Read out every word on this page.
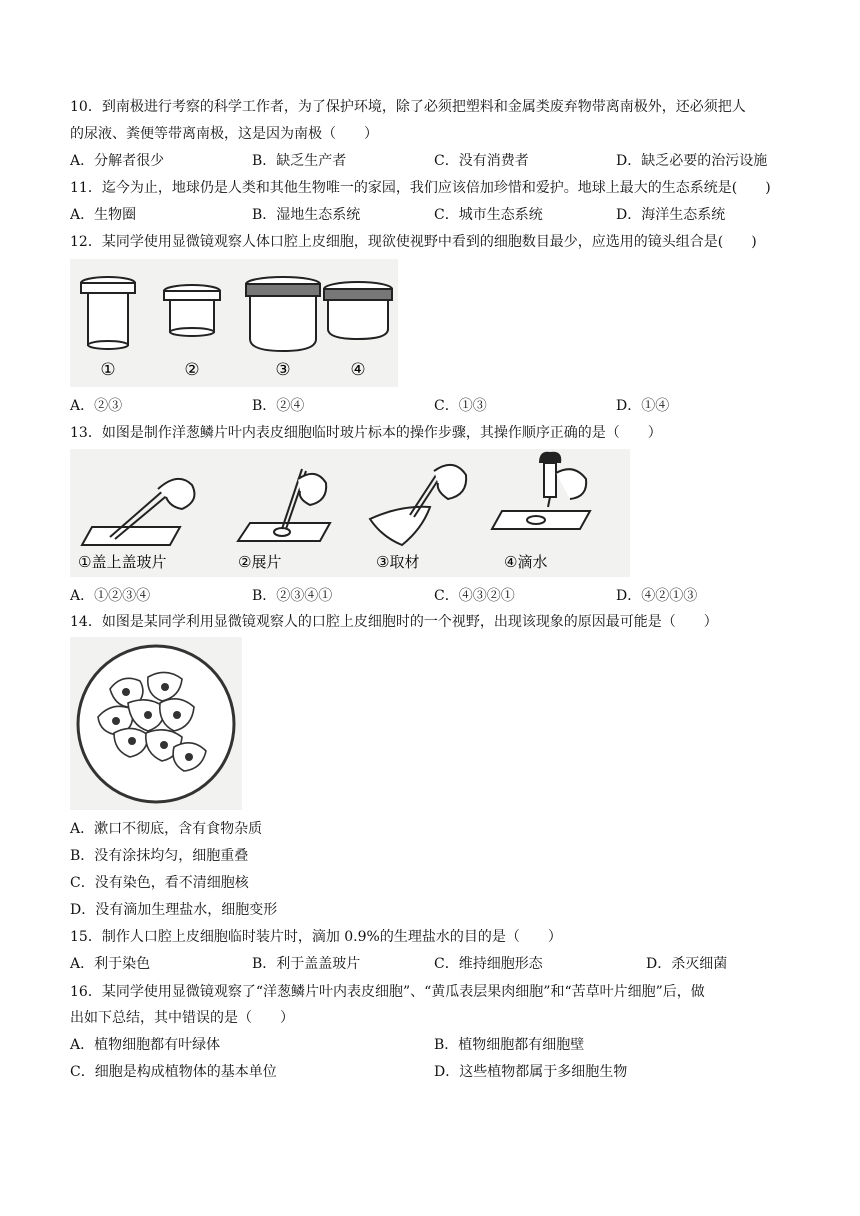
10．到南极进行考察的科学工作者，为了保护环境，除了必须把塑料和金属类废弃物带离南极外，还必须把人
的尿液、粪便等带离南极，这是因为南极（　　）
A．分解者很少	B．缺乏生产者	C．没有消费者	D．缺乏必要的治污设施
11．迄今为止，地球仍是人类和其他生物唯一的家园，我们应该倍加珍惜和爱护。地球上最大的生态系统是(　　)
A．生物圈	B．湿地生态系统	C．城市生态系统	D．海洋生态系统
12．某同学使用显微镜观察人体口腔上皮细胞，现欲使视野中看到的细胞数目最少，应选用的镜头组合是(　　)
①	②	③	④
A．②③	B．②④	C．①③	D．①④
13．如图是制作洋葱鳞片叶内表皮细胞临时玻片标本的操作步骤，其操作顺序正确的是（　　）
①盖上盖玻片	②展片	③取材	④滴水
A．①②③④	B．②③④①	C．④③②①	D．④②①③
14．如图是某同学利用显微镜观察人的口腔上皮细胞时的一个视野，出现该现象的原因最可能是（　　）
A．漱口不彻底，含有食物杂质
B．没有涂抹均匀，细胞重叠
C．没有染色，看不清细胞核
D．没有滴加生理盐水，细胞变形
15．制作人口腔上皮细胞临时装片时，滴加 0.9%的生理盐水的目的是（　　）
A．利于染色	B．利于盖盖玻片	C．维持细胞形态	D．杀灭细菌
16．某同学使用显微镜观察了“洋葱鳞片叶内表皮细胞”、“黄瓜表层果肉细胞”和“苦草叶片细胞”后，做
出如下总结，其中错误的是（　　）
A．植物细胞都有叶绿体	B．植物细胞都有细胞壁
C．细胞是构成植物体的基本单位	D．这些植物都属于多细胞生物
